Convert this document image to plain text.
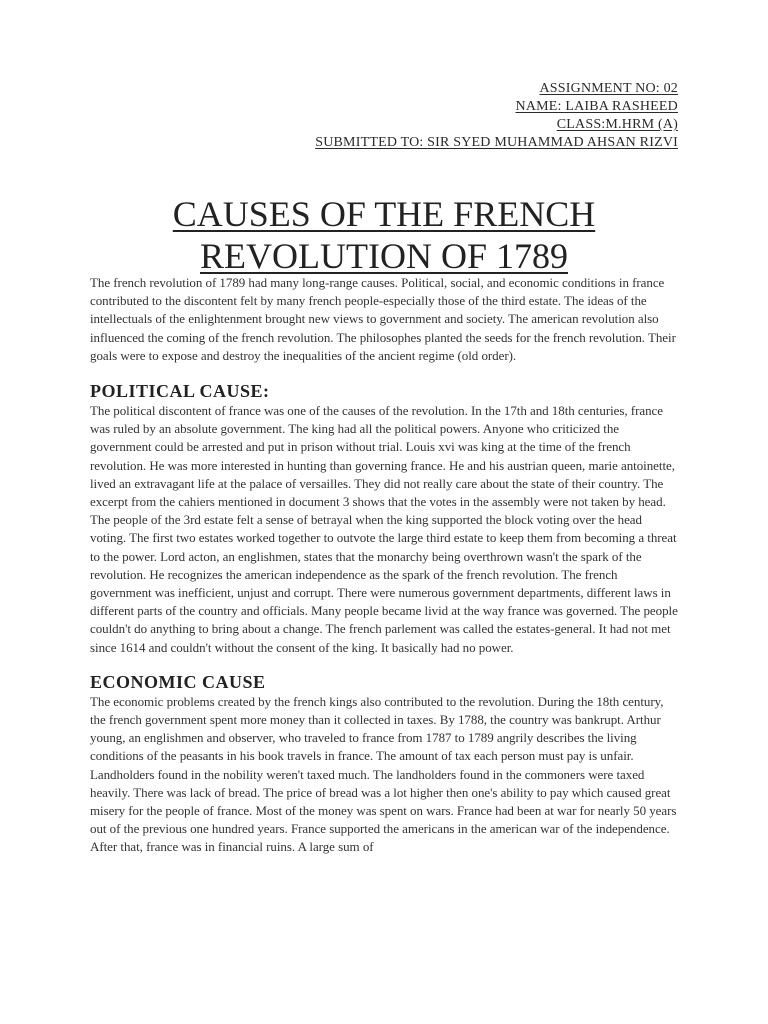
ASSIGNMENT NO: 02
NAME: LAIBA RASHEED
CLASS:M.HRM (A)
SUBMITTED TO: SIR SYED MUHAMMAD AHSAN RIZVI
CAUSES OF THE FRENCH
REVOLUTION OF 1789

The french revolution of 1789 had many long-range causes. Political, social, and economic conditions in france contributed to the discontent felt by many french people-especially those of the third estate. The ideas of the intellectuals of the enlightenment brought new views to government and society. The american revolution also influenced the coming of the french revolution. The philosophes planted the seeds for the french revolution. Their goals were to expose and destroy the inequalities of the ancient regime (old order).

POLITICAL CAUSE:

The political discontent of france was one of the causes of the revolution. In the 17th and 18th centuries, france was ruled by an absolute government. The king had all the political powers. Anyone who criticized the government could be arrested and put in prison without trial. Louis xvi was king at the time of the french revolution. He was more interested in hunting than governing france. He and his austrian queen, marie antoinette, lived an extravagant life at the palace of versailles. They did not really care about the state of their country. The excerpt from the cahiers mentioned in document 3 shows that the votes in the assembly were not taken by head. The people of the 3rd estate felt a sense of betrayal when the king supported the block voting over the head voting. The first two estates worked together to outvote the large third estate to keep them from becoming a threat to the power. Lord acton, an englishmen, states that the monarchy being overthrown wasn't the spark of the revolution. He recognizes the american independence as the spark of the french revolution. The french government was inefficient, unjust and corrupt. There were numerous government departments, different laws in different parts of the country and officials. Many people became livid at the way france was governed. The people couldn't do anything to bring about a change. The french parlement was called the estates-general. It had not met since 1614 and couldn't without the consent of the king. It basically had no power.

ECONOMIC CAUSE

The economic problems created by the french kings also contributed to the revolution. During the 18th century, the french government spent more money than it collected in taxes. By 1788, the country was bankrupt. Arthur young, an englishmen and observer, who traveled to france from 1787 to 1789 angrily describes the living conditions of the peasants in his book travels in france. The amount of tax each person must pay is unfair. Landholders found in the nobility weren't taxed much. The landholders found in the commoners were taxed heavily. There was lack of bread. The price of bread was a lot higher then one's ability to pay which caused great misery for the people of france. Most of the money was spent on wars. France had been at war for nearly 50 years out of the previous one hundred years. France supported the americans in the american war of the independence. After that, france was in financial ruins. A large sum of
